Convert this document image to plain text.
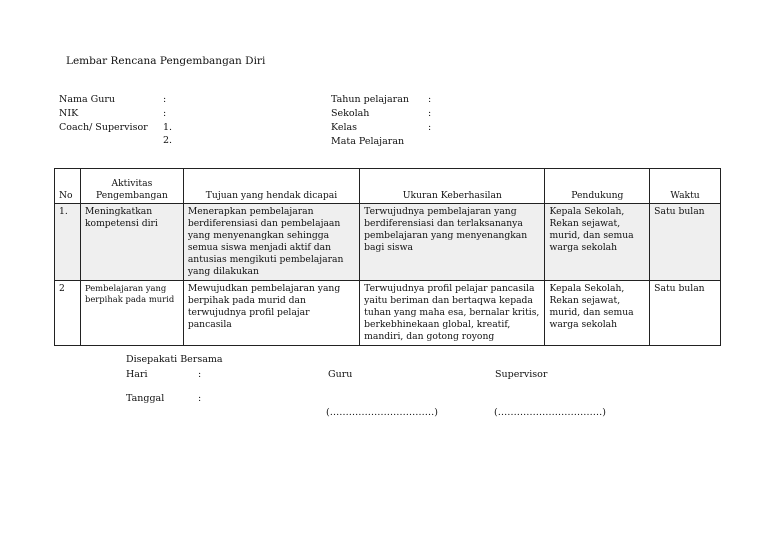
Lembar Rencana Pengembangan Diri
Nama Guru	:
NIK	:
Coach/ Supervisor 1.
2.
Tahun pelajaran :
Sekolah	:
Kelas	:
Mata Pelajaran
No	Aktivitas Pengembangan	Tujuan yang hendak dicapai	Ukuran Keberhasilan	Pendukung	Waktu
1.	Meningkatkan kompetensi diri	Menerapkan pembelajaran berdiferensiasi dan pembelajaan yang menyenangkan sehingga semua siswa menjadi aktif dan antusias mengikuti pembelajaran yang dilakukan	Terwujudnya pembelajaran yang berdiferensiasi dan terlaksananya pembelajaran yang menyenangkan bagi siswa	Kepala Sekolah, Rekan sejawat, murid, dan semua warga sekolah	Satu bulan
2	Pembelajaran yang berpihak pada murid	Mewujudkan pembelajaran yang berpihak pada murid dan terwujudnya profil pelajar pancasila	Terwujudnya profil pelajar pancasila yaitu beriman dan bertaqwa kepada tuhan yang maha esa, bernalar kritis, berkebhinekaan global, kreatif, mandiri, dan gotong royong	Kepala Sekolah, Rekan sejawat, murid, dan semua warga sekolah	Satu bulan
Disepakati Bersama
Hari	:	Guru	Supervisor
Tanggal	:
(……………………………)	(……………………………)
